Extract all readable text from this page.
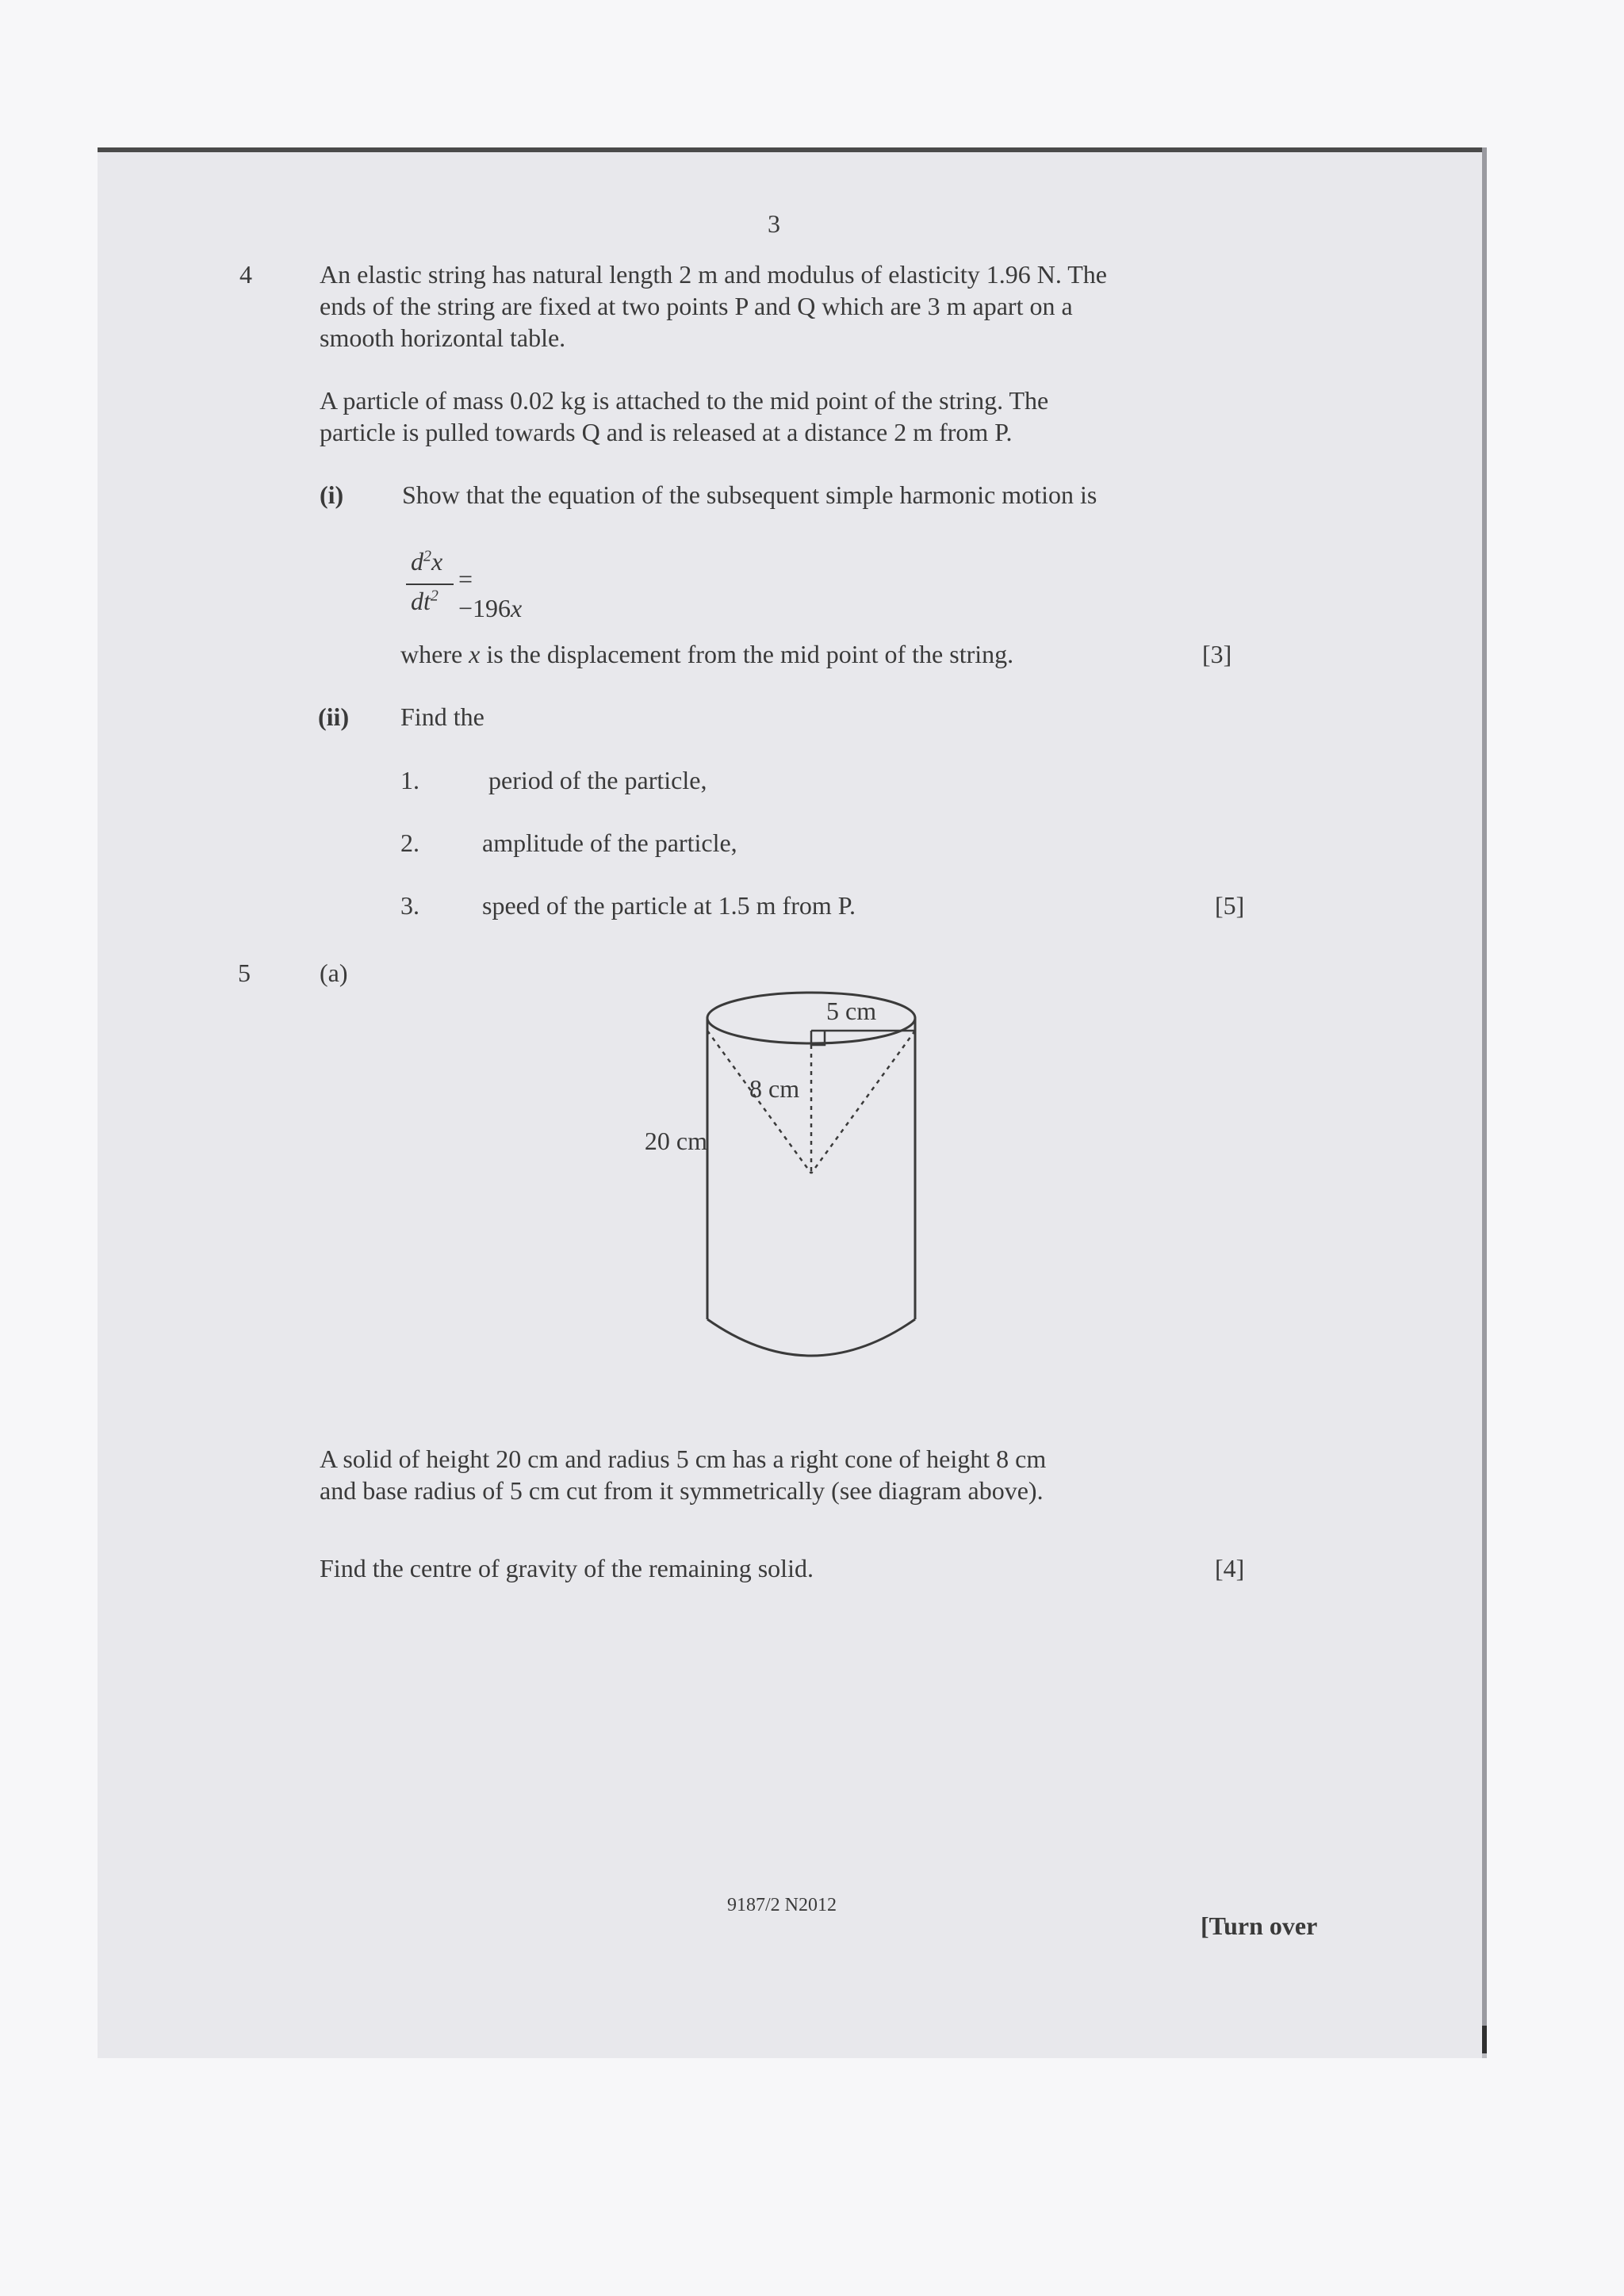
3
4	An elastic string has natural length 2 m and modulus of elasticity 1.96 N. The
ends of the string are fixed at two points P and Q which are 3 m apart on a
smooth horizontal table.
A particle of mass 0.02 kg is attached to the mid point of the string. The
particle is pulled towards Q and is released at a distance 2 m from P.
(i) Show that the equation of the subsequent simple harmonic motion is
$d^2x$
$dt^2$
= −196x
where x is the displacement from the mid point of the string.	[3]
(ii) Find the
1.	period of the particle,
2. amplitude of the particle,
3. speed of the particle at 1.5 m from P.	[5]
5	(a)
5 cm
8 cm
20 cm
A solid of height 20 cm and radius 5 cm has a right cone of height 8 cm
and base radius of 5 cm cut from it symmetrically (see diagram above).
Find the centre of gravity of the remaining solid.	[4]
9187/2 N2012
[Turn over
